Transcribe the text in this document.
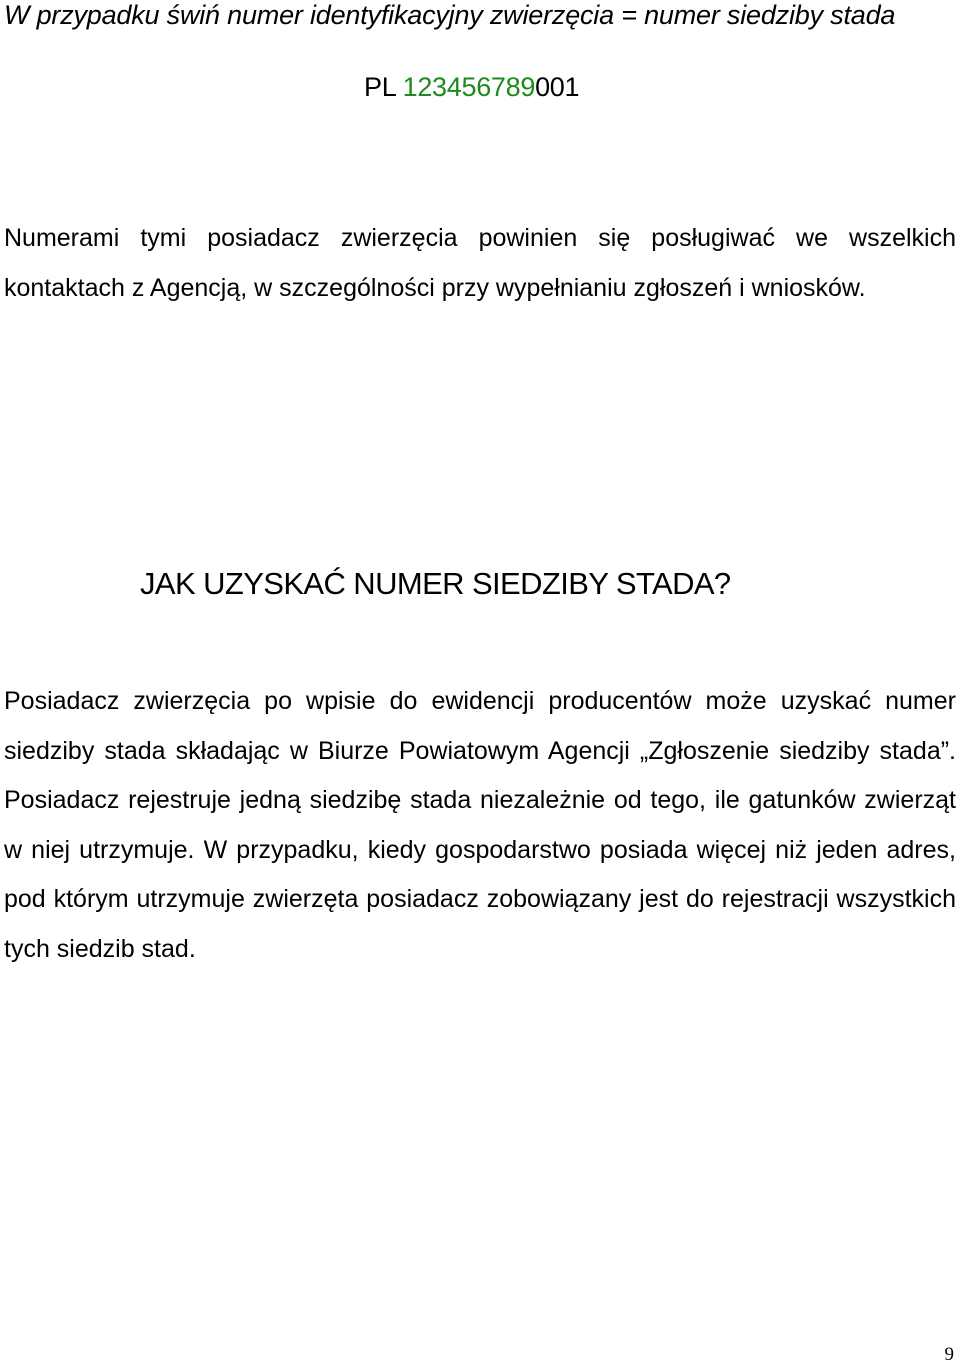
W przypadku świń numer identyfikacyjny zwierzęcia = numer siedziby stada
PL 123456789001
Numerami tymi posiadacz zwierzęcia powinien się posługiwać we wszelkich kontaktach z Agencją, w szczególności przy wypełnianiu zgłoszeń i wniosków.
JAK UZYSKAĆ NUMER SIEDZIBY STADA?
Posiadacz zwierzęcia po wpisie do ewidencji producentów może uzyskać numer siedziby stada składając w Biurze Powiatowym Agencji „Zgłoszenie siedziby stada”. Posiadacz rejestruje jedną siedzibę stada niezależnie od tego, ile gatunków zwierząt w niej utrzymuje. W przypadku, kiedy gospodarstwo posiada więcej niż jeden adres, pod którym utrzymuje zwierzęta posiadacz zobowiązany jest do rejestracji wszystkich tych siedzib stad.
9
